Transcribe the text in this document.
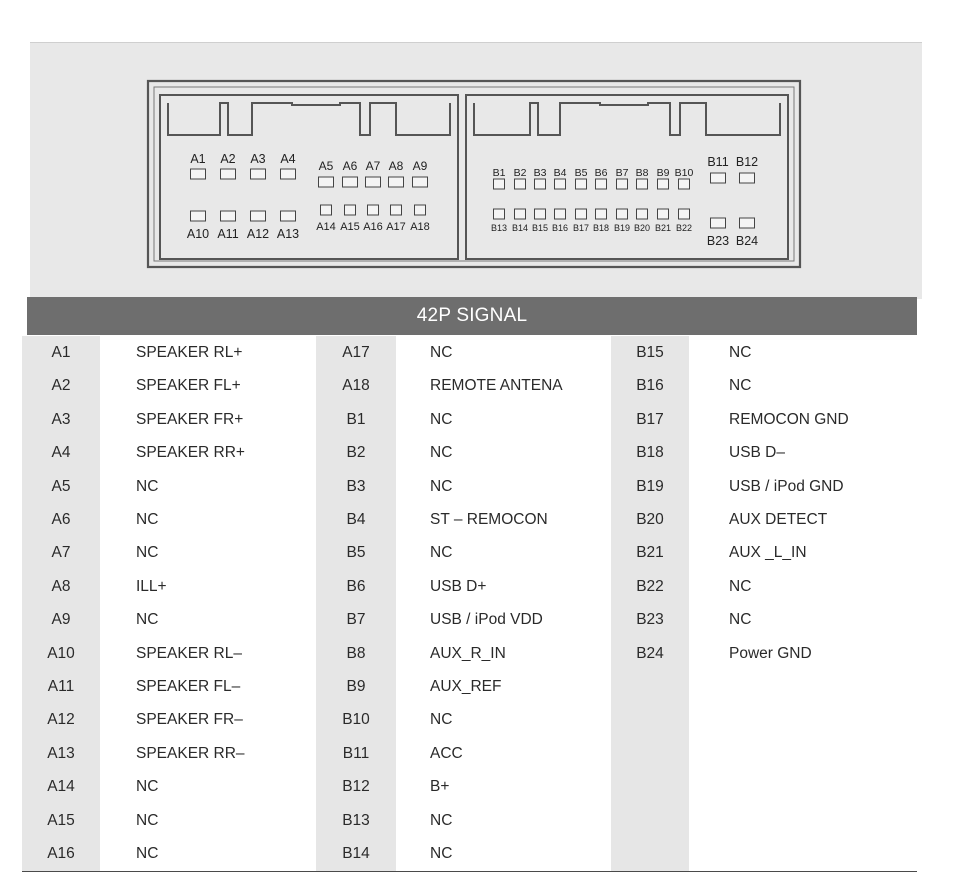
A1 A2 A3 A4 A5 A6 A7 A8 A9
A10 A11 A12 A13 A14 A15 A16 A17 A18
B1 B2 B3 B4 B5 B6 B7 B8 B9 B10
B11 B12
B13 B14 B15 B16 B17 B18 B19 B20 B21 B22
B23 B24
42P SIGNAL
A1	SPEAKER RL+	A17	NC	B15	NC
A2	SPEAKER FL+	A18	REMOTE ANTENA	B16	NC
A3	SPEAKER FR+	B1	NC	B17	REMOCON GND
A4	SPEAKER RR+	B2	NC	B18	USB D–
A5	NC	B3	NC	B19	USB / iPod GND
A6	NC	B4	ST – REMOCON	B20	AUX DETECT
A7	NC	B5	NC	B21	AUX _L_IN
A8	ILL+	B6	USB D+	B22	NC
A9	NC	B7	USB / iPod VDD	B23	NC
A10	SPEAKER RL–	B8	AUX_R_IN	B24	Power GND
A11	SPEAKER FL–	B9	AUX_REF
A12	SPEAKER FR–	B10	NC
A13	SPEAKER RR–	B11	ACC
A14	NC	B12	B+
A15	NC	B13	NC
A16	NC	B14	NC
